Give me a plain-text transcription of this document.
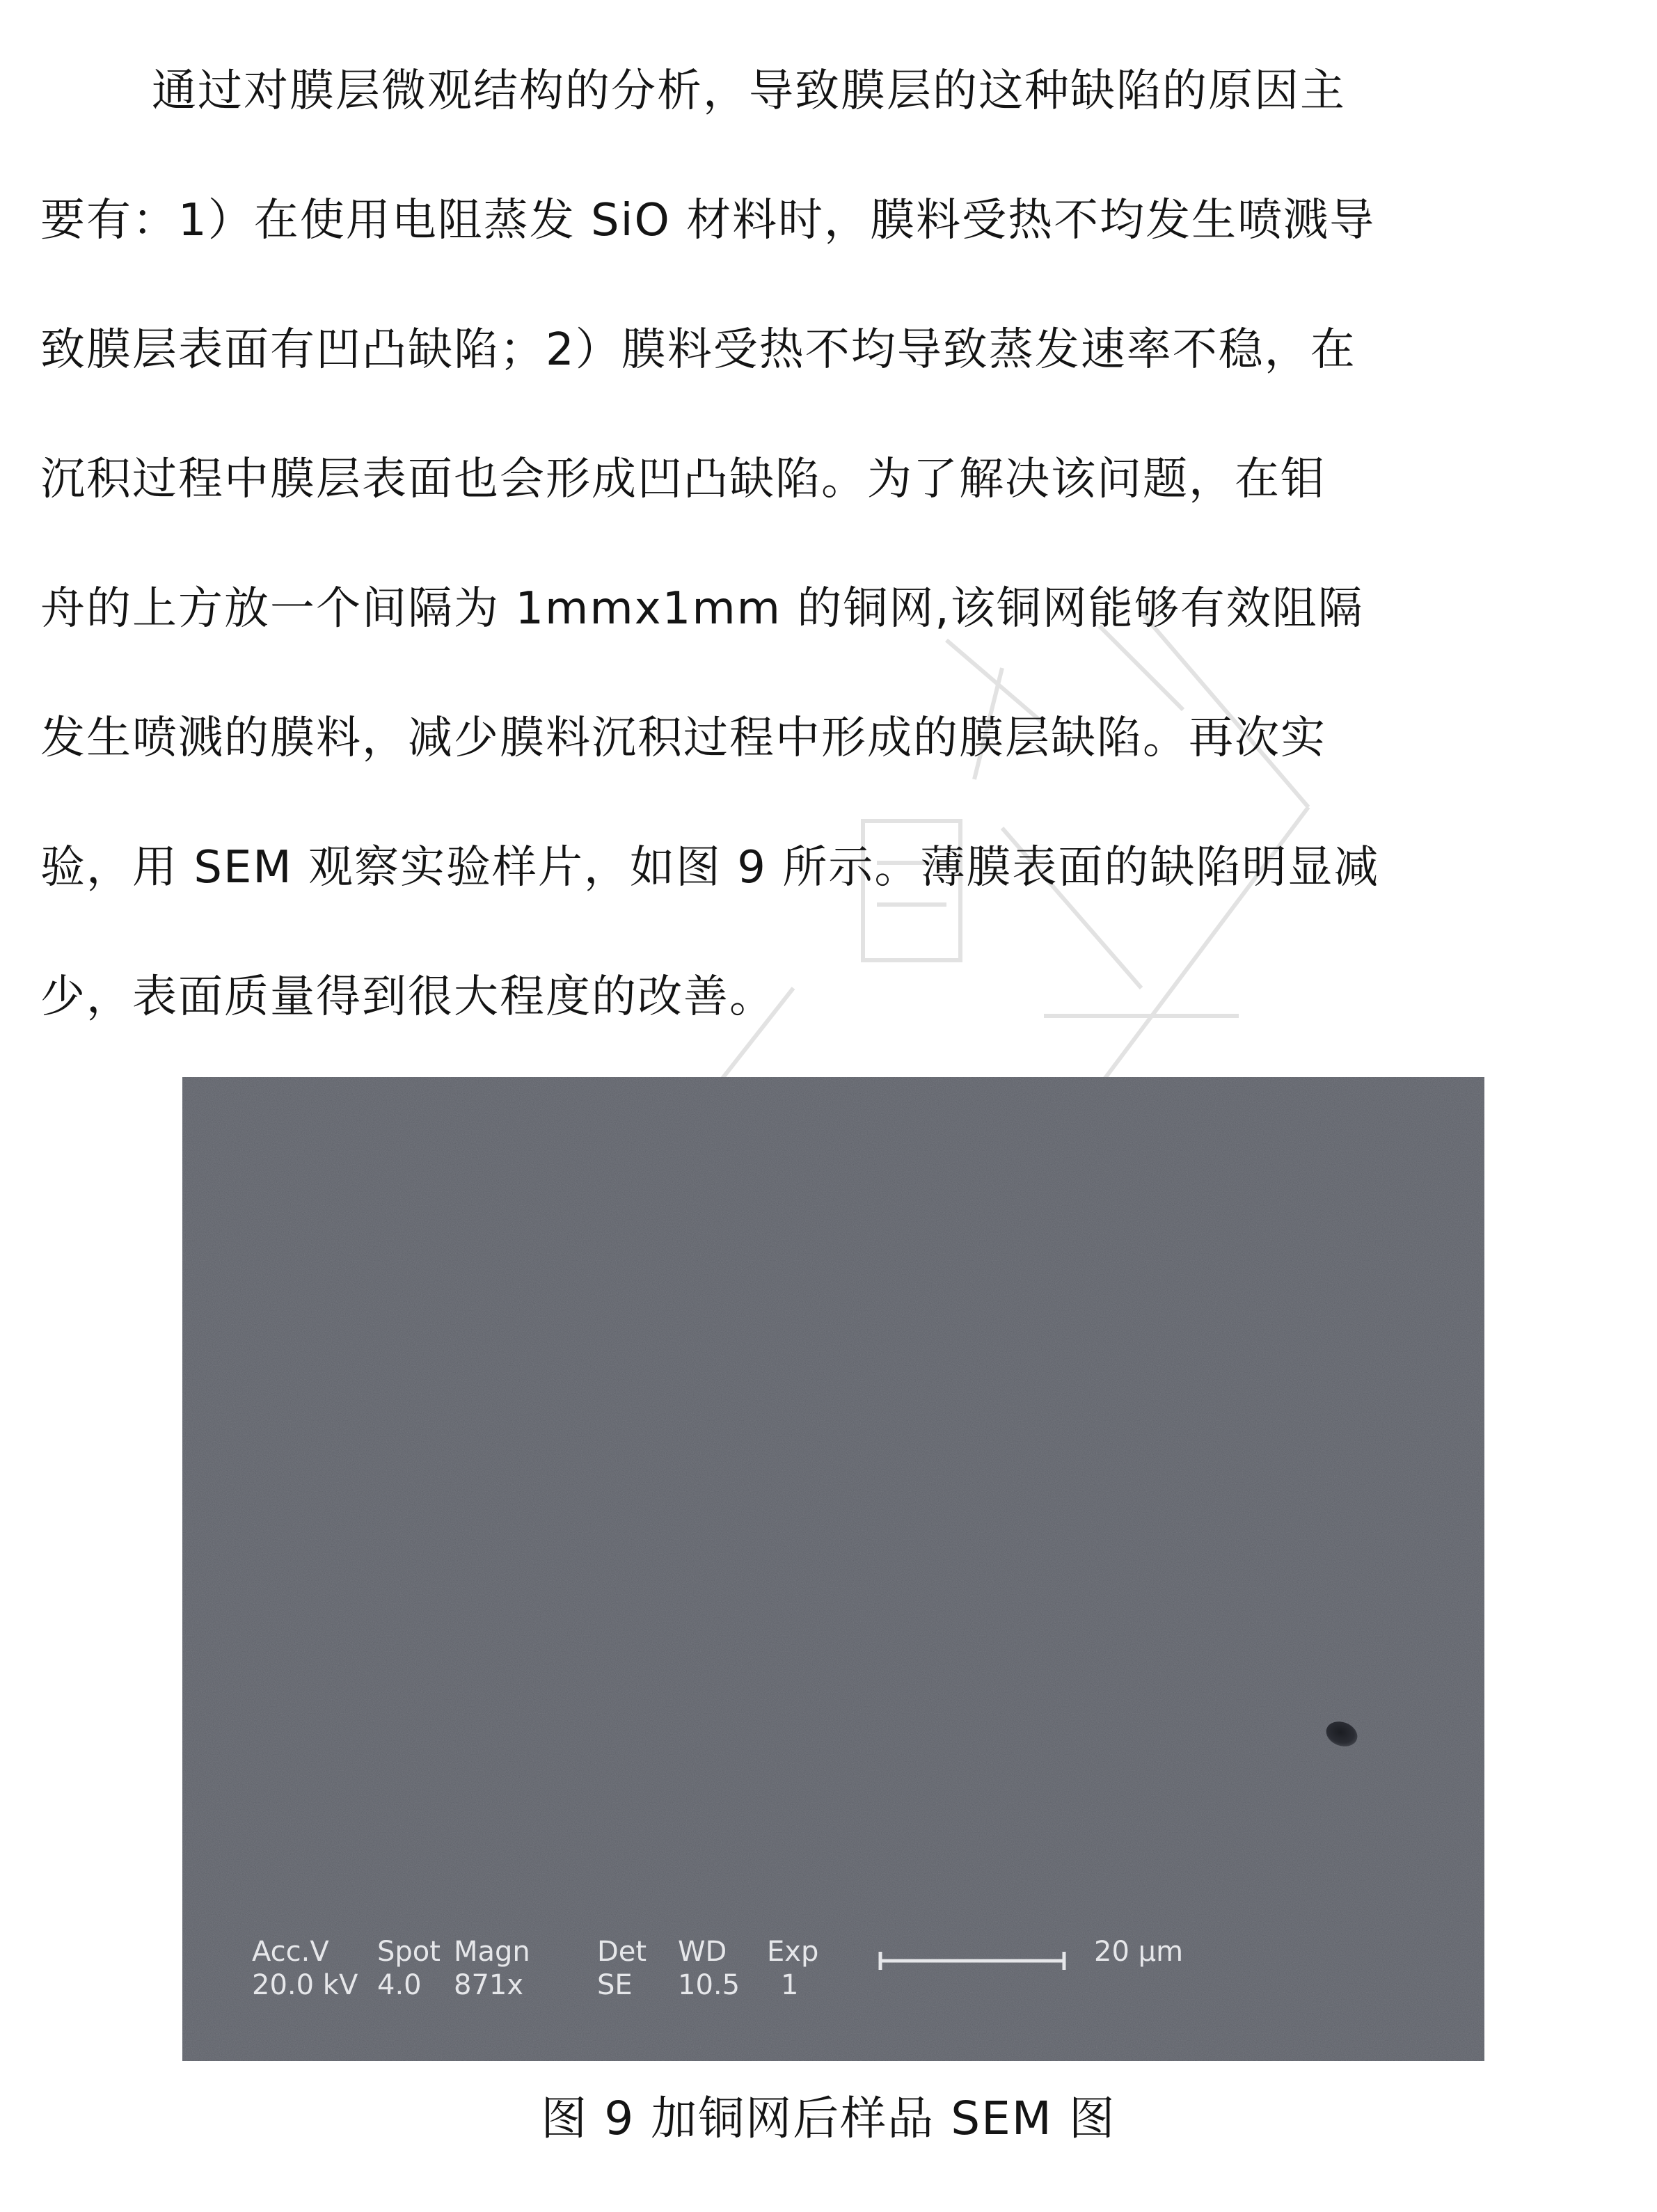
通过对膜层微观结构的分析，导致膜层的这种缺陷的原因主
要有：1）在使用电阻蒸发 SiO 材料时，膜料受热不均发生喷溅导
致膜层表面有凹凸缺陷；2）膜料受热不均导致蒸发速率不稳，在
沉积过程中膜层表面也会形成凹凸缺陷。为了解决该问题，在钼
舟的上方放一个间隔为 1mmx1mm 的铜网,该铜网能够有效阻隔
发生喷溅的膜料，减少膜料沉积过程中形成的膜层缺陷。再次实
验，用 SEM 观察实验样片，如图 9 所示。薄膜表面的缺陷明显减
少，表面质量得到很大程度的改善。
Acc.V
20.0 kV
Spot
4.0
Magn
871x
Det
SE
WD
10.5
Exp
1
20 µm
图 9 加铜网后样品 SEM 图
